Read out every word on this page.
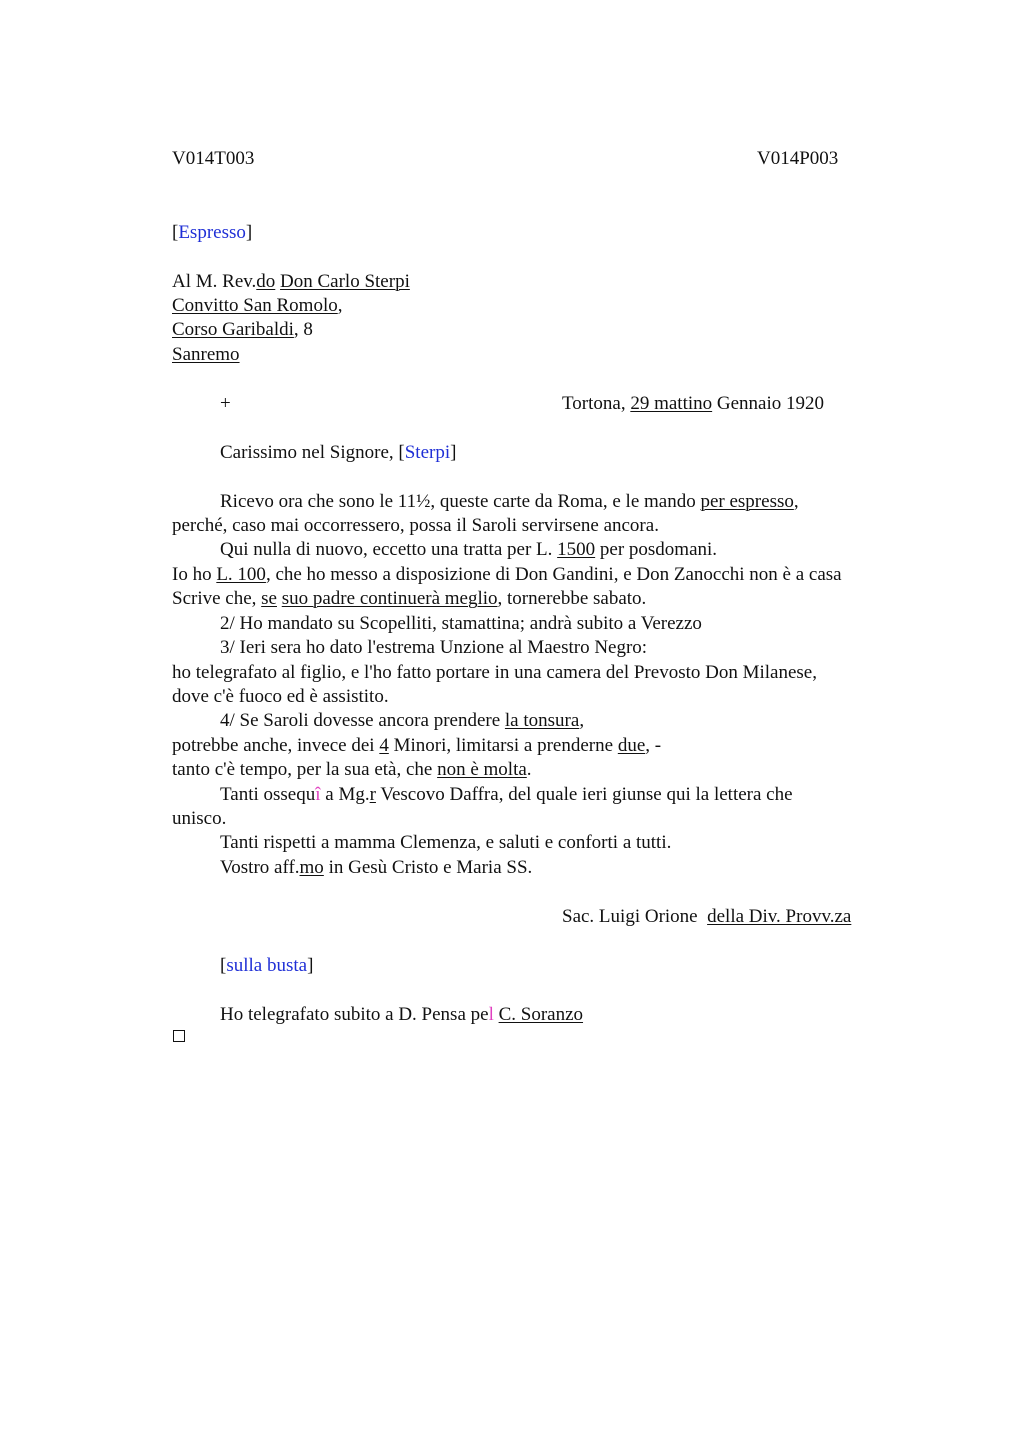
V014T003	V014P003
[Espresso]
Al M. Rev.do Don Carlo Sterpi
Convitto San Romolo,
Corso Garibaldi, 8
Sanremo
+	Tortona, 29 mattino Gennaio 1920
Carissimo nel Signore, [Sterpi]
Ricevo ora che sono le 11½, queste carte da Roma, e le mando per espresso,
perché, caso mai occorressero, possa il Saroli servirsene ancora.
Qui nulla di nuovo, eccetto una tratta per L. 1500 per posdomani.
Io ho L. 100, che ho messo a disposizione di Don Gandini, e Don Zanocchi non è a casa
Scrive che, se suo padre continuerà meglio, tornerebbe sabato.
2/ Ho mandato su Scopelliti, stamattina; andrà subito a Verezzo
3/ Ieri sera ho dato l'estrema Unzione al Maestro Negro:
ho telegrafato al figlio, e l'ho fatto portare in una camera del Prevosto Don Milanese,
dove c'è fuoco ed è assistito.
4/ Se Saroli dovesse ancora prendere la tonsura,
potrebbe anche, invece dei 4 Minori, limitarsi a prenderne due, -
tanto c'è tempo, per la sua età, che non è molta.
Tanti ossequî a Mg.r Vescovo Daffra, del quale ieri giunse qui la lettera che
unisco.
Tanti rispetti a mamma Clemenza, e saluti e conforti a tutti.
Vostro aff.mo in Gesù Cristo e Maria SS.
Sac. Luigi Orione  della Div. Provv.za
[sulla busta]
Ho telegrafato subito a D. Pensa pel C. Soranzo
